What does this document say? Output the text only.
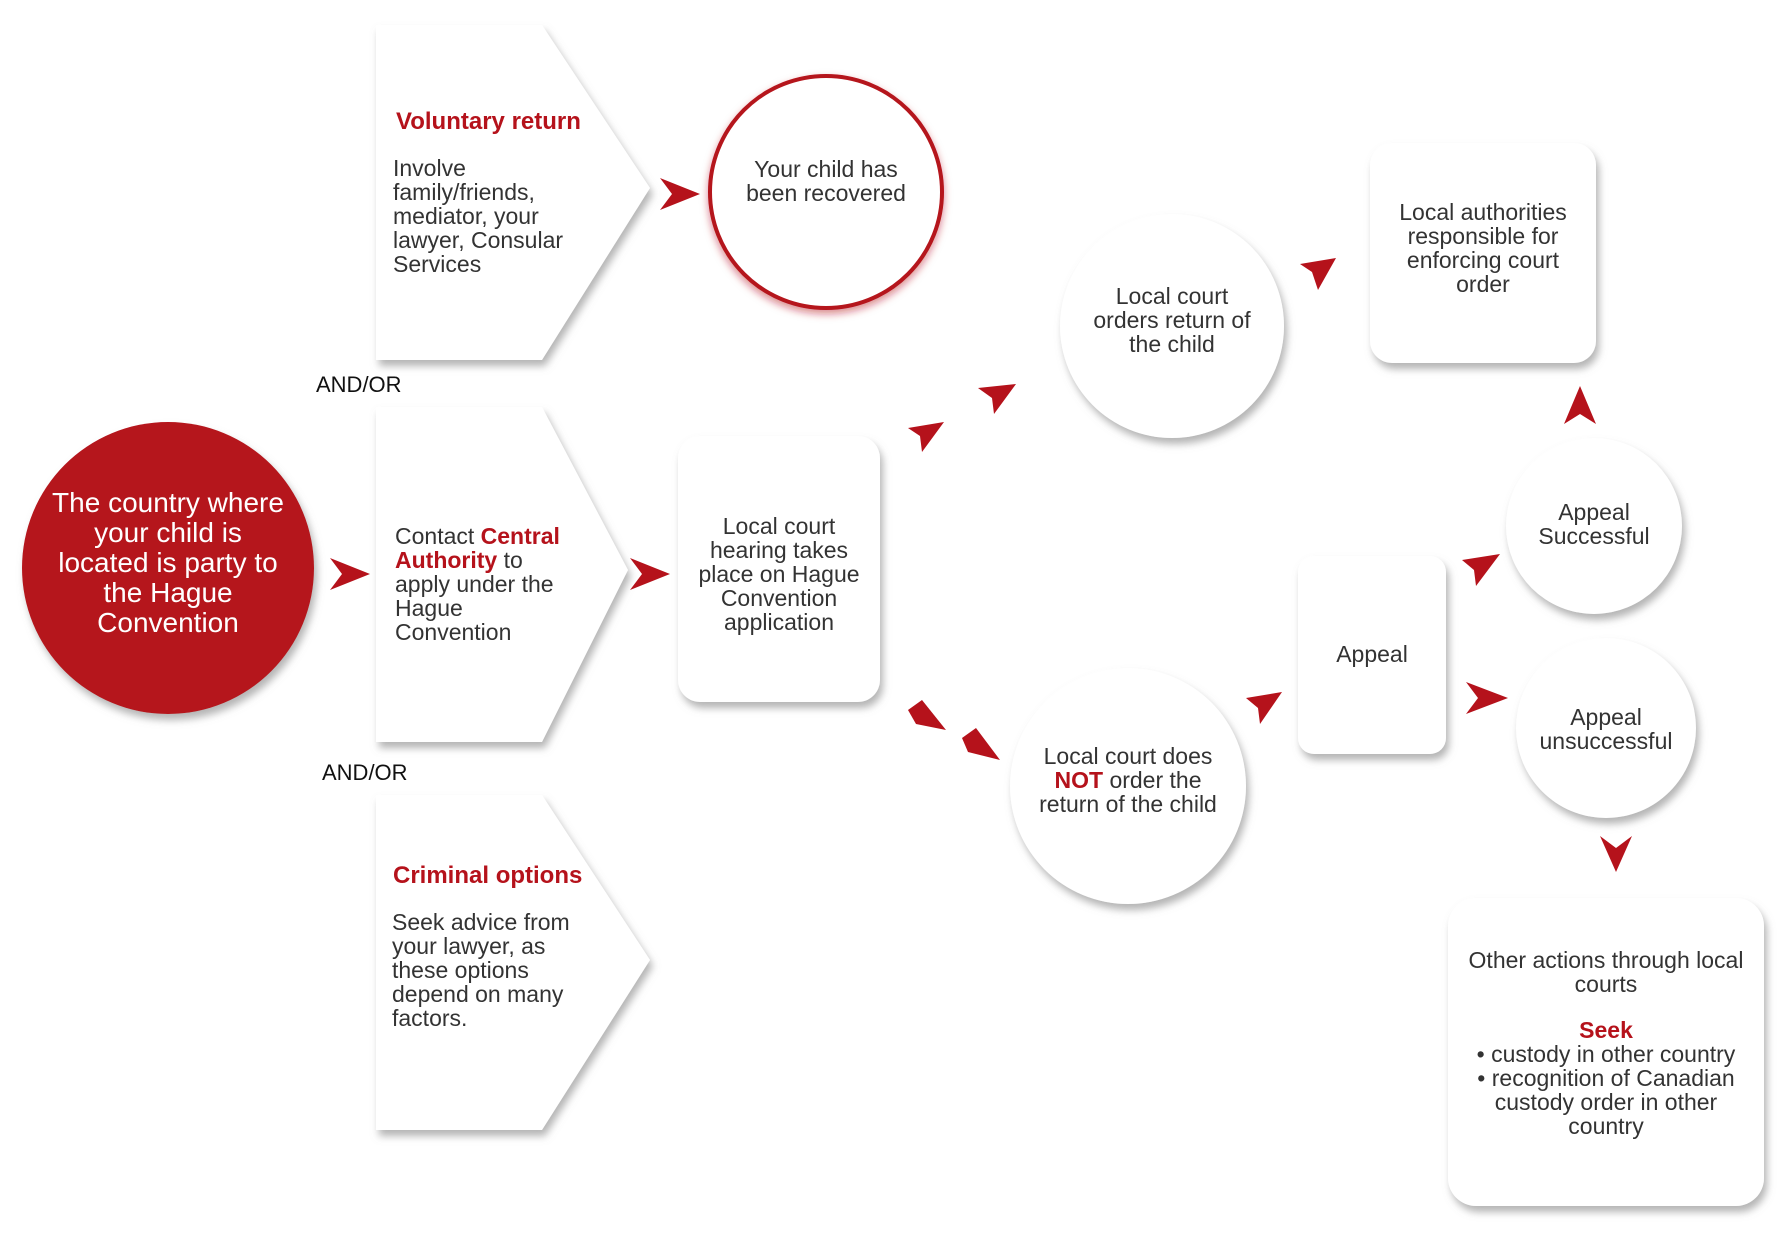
The country where your child is located is party to the Hague Convention
Voluntary return
Involve family/friends, mediator, your lawyer, Consular Services
AND/OR
AND/OR
Contact Central Authority to apply under the Hague Convention
Criminal options
Seek advice from your lawyer, as these options depend on many factors.
Your child has been recovered
Local court hearing takes place on Hague Convention application
Local court orders return of the child
Local authorities responsible for enforcing court order
Local court does
NOT order the return of the child
Appeal
Appeal Successful
Appeal unsuccessful
Other actions through local courts
Seek
• custody in other country
• recognition of Canadian custody order in other country
